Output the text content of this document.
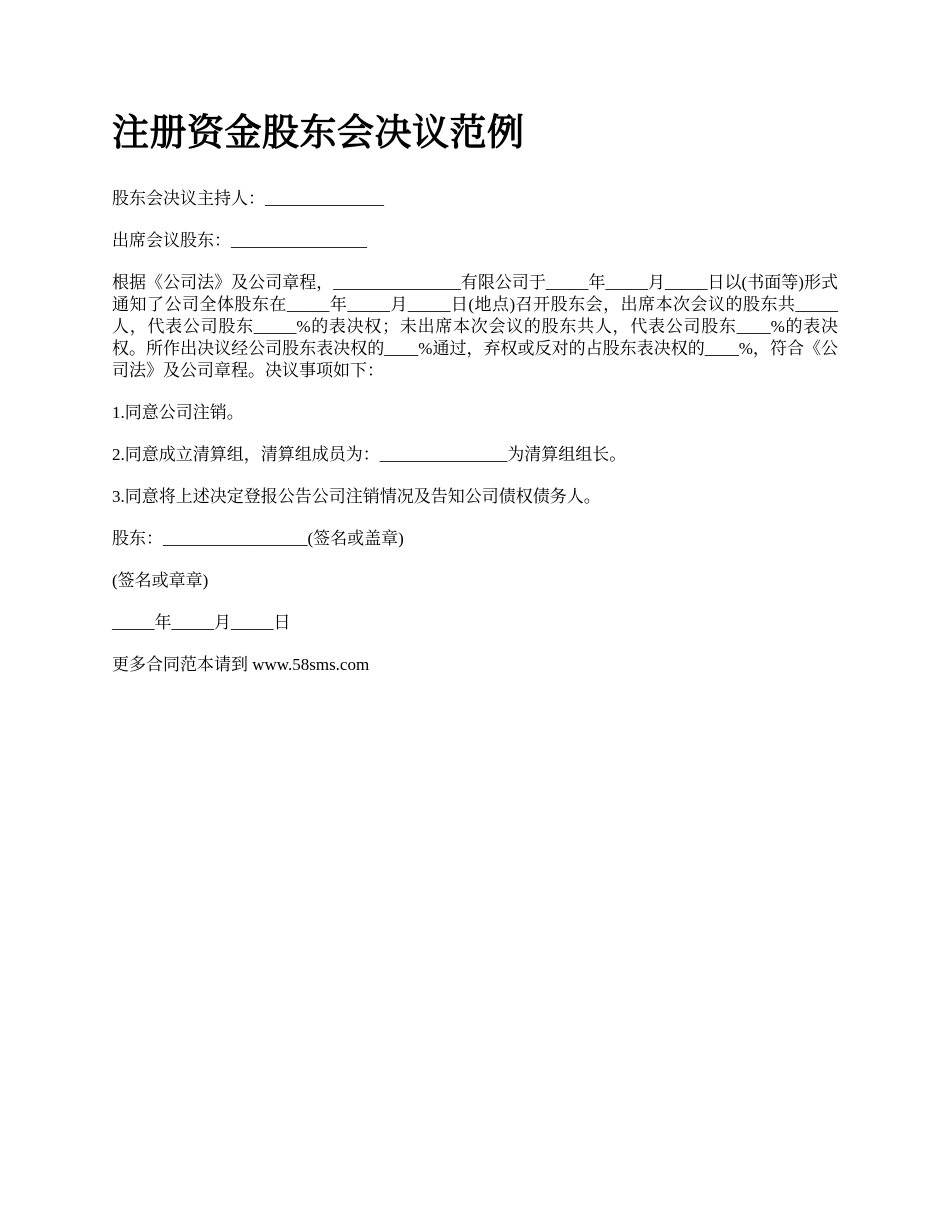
注册资金股东会决议范例

股东会决议主持人：______________

出席会议股东：________________

根据《公司法》及公司章程，_______________有限公司于_____年_____月_____日以(书面等)形式通知了公司全体股东在_____年_____月_____日(地点)召开股东会，出席本次会议的股东共_____人，代表公司股东_____%的表决权；未出席本次会议的股东共人，代表公司股东____%的表决权。所作出决议经公司股东表决权的____%通过，弃权或反对的占股东表决权的____%，符合《公司法》及公司章程。决议事项如下：

1.同意公司注销。

2.同意成立清算组，清算组成员为：_______________为清算组组长。

3.同意将上述决定登报公告公司注销情况及告知公司债权债务人。

股东：_________________(签名或盖章)

(签名或章章)

_____年_____月_____日

更多合同范本请到 www.58sms.com
